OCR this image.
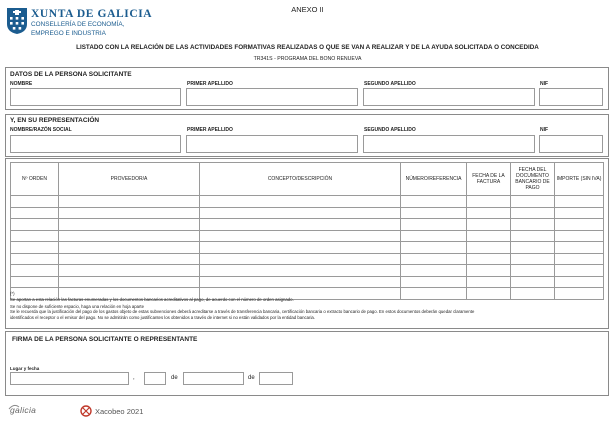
XUNTA DE GALICIA
CONSELLERÍA DE ECONOMÍA,
EMPREGO E INDUSTRIA
ANEXO II
LISTADO CON LA RELACIÓN DE LAS ACTIVIDADES FORMATIVAS REALIZADAS O QUE SE VAN A REALIZAR Y DE LA AYUDA SOLICITADA O CONCEDIDA
TR341S - PROGRAMA DEL BONO RENUEVA
DATOS DE LA PERSONA SOLICITANTE
NOMBRE	PRIMER APELLIDO	SEGUNDO APELLIDO	NIF
Y, EN SU REPRESENTACIÓN
NOMBRE/RAZÓN SOCIAL	PRIMER APELLIDO	SEGUNDO APELLIDO	NIF
Nº ORDEN	PROVEEDOR/A	CONCEPTO/DESCRIPCIÓN	NÚMERO/REFERENCIA	FECHA DE LA FACTURA	FECHA DEL DOCUMENTO BANCARIO DE PAGO	IMPORTE (SIN IVA)

(*)
Se aportan a esta relación las facturas enumeradas y los documentos bancarios acreditativos al pago, de acuerdo con el número de orden asignado.
Se no dispone de suficiente espacio, haga una relación en hoja aparte
Se le recuerda que la justificación del pago de los gastos objeto de estas subvenciones deberá acreditarse a través de transferencia bancaria, certificación bancaria o extracto bancario de pago. En estos documentos deberán quedar claramente
identificados el receptor o el emisor del pago. No se admitirán como justificantes los obtenidos a través de internet si no están validados por la entidad bancaria.
FIRMA DE LA PERSONA SOLICITANTE O REPRESENTANTE
Lugar y fecha
,	de	de
galicia	Xacobeo 2021
